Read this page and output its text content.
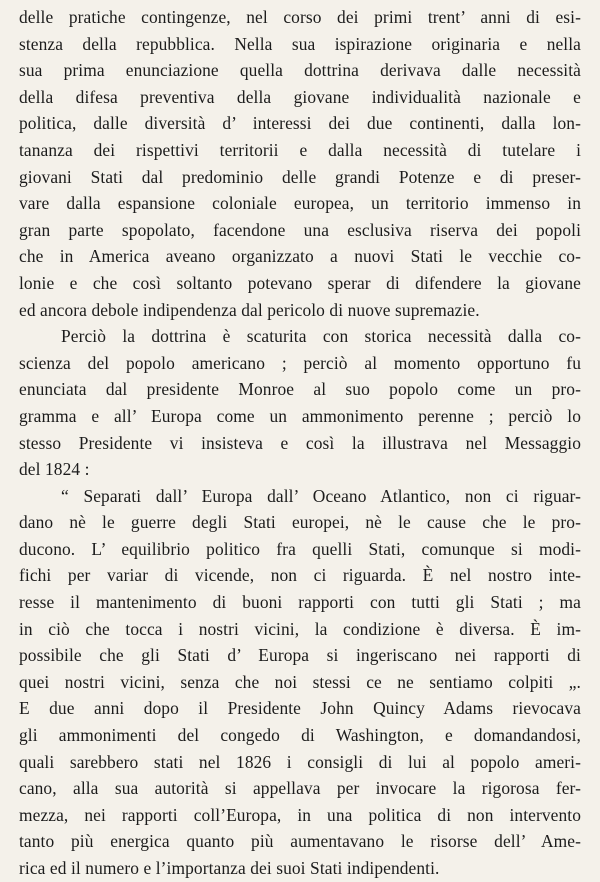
delle pratiche contingenze, nel corso dei primi trent’ anni di esi-
stenza della repubblica. Nella sua ispirazione originaria e nella
sua prima enunciazione quella dottrina derivava dalle necessità
della difesa preventiva della giovane individualità nazionale e
politica, dalle diversità d’ interessi dei due continenti, dalla lon-
tananza dei rispettivi territorii e dalla necessità di tutelare i
giovani Stati dal predominio delle grandi Potenze e di preser-
vare dalla espansione coloniale europea, un territorio immenso in
gran parte spopolato, facendone una esclusiva riserva dei popoli
che in America aveano organizzato a nuovi Stati le vecchie co-
lonie e che così soltanto potevano sperar di difendere la giovane
ed ancora debole indipendenza dal pericolo di nuove supremazie.
Perciò la dottrina è scaturita con storica necessità dalla co-
scienza del popolo americano ; perciò al momento opportuno fu
enunciata dal presidente Monroe al suo popolo come un pro-
gramma e all’ Europa come un ammonimento perenne ; perciò lo
stesso Presidente vi insisteva e così la illustrava nel Messaggio
del 1824 :
“ Separati dall’ Europa dall’ Oceano Atlantico, non ci riguar-
dano nè le guerre degli Stati europei, nè le cause che le pro-
ducono. L’ equilibrio politico fra quelli Stati, comunque si modi-
fichi per variar di vicende, non ci riguarda. È nel nostro inte-
resse il mantenimento di buoni rapporti con tutti gli Stati ; ma
in ciò che tocca i nostri vicini, la condizione è diversa. È im-
possibile che gli Stati d’ Europa si ingeriscano nei rapporti di
quei nostri vicini, senza che noi stessi ce ne sentiamo colpiti „.
E due anni dopo il Presidente John Quincy Adams rievocava
gli ammonimenti del congedo di Washington, e domandandosi,
quali sarebbero stati nel 1826 i consigli di lui al popolo ameri-
cano, alla sua autorità si appellava per invocare la rigorosa fer-
mezza, nei rapporti coll’Europa, in una politica di non intervento
tanto più energica quanto più aumentavano le risorse dell’ Ame-
rica ed il numero e l’importanza dei suoi Stati indipendenti.
